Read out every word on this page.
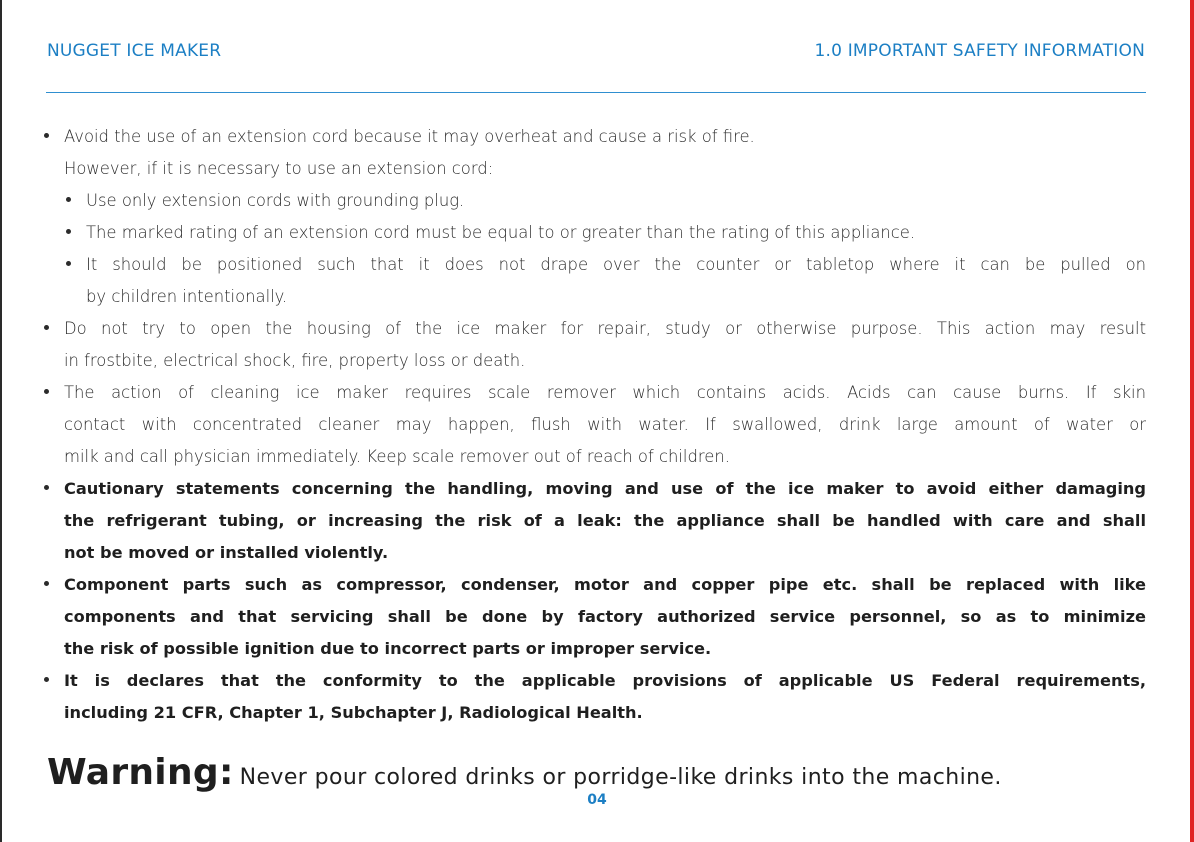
NUGGET ICE MAKER	1.0 IMPORTANT SAFETY INFORMATION
Avoid the use of an extension cord because it may overheat and cause a risk of fire.
However, if it is necessary to use an extension cord:
Use only extension cords with grounding plug.
The marked rating of an extension cord must be equal to or greater than the rating of this appliance.
It should be positioned such that it does not drape over the counter or tabletop where it can be pulled on
by children intentionally.
Do not try to open the housing of the ice maker for repair, study or otherwise purpose. This action may result
in frostbite, electrical shock, fire, property loss or death.
The action of cleaning ice maker requires scale remover which contains acids. Acids can cause burns. If skin
contact with concentrated cleaner may happen, flush with water. If swallowed, drink large amount of water or
milk and call physician immediately. Keep scale remover out of reach of children.
Cautionary statements concerning the handling, moving and use of the ice maker to avoid either damaging
the refrigerant tubing, or increasing the risk of a leak: the appliance shall be handled with care and shall
not be moved or installed violently.
Component parts such as compressor, condenser, motor and copper pipe etc. shall be replaced with like
components and that servicing shall be done by factory authorized service personnel, so as to minimize
the risk of possible ignition due to incorrect parts or improper service.
It is declares that the conformity to the applicable provisions of applicable US Federal requirements,
including 21 CFR, Chapter 1, Subchapter J, Radiological Health.
Warning: Never pour colored drinks or porridge-like drinks into the machine.
04
